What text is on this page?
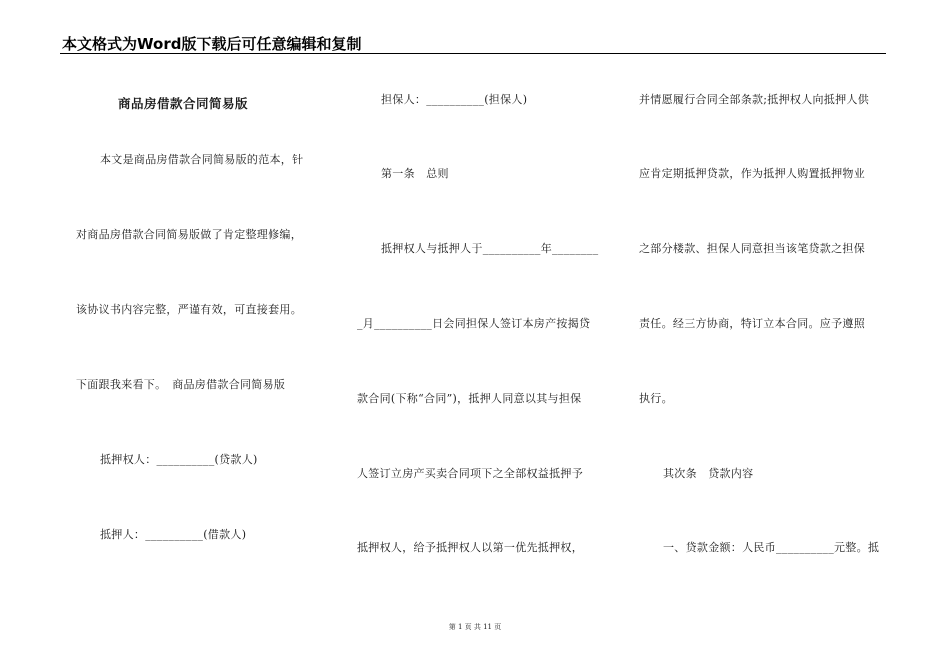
本文格式为Word版下载后可任意编辑和复制
商品房借款合同简易版
本文是商品房借款合同简易版的范本，针
对商品房借款合同简易版做了肯定整理修编，
该协议书内容完整，严谨有效，可直接套用。
下面跟我来看下。　商品房借款合同简易版
抵押权人：__________(贷款人)
抵押人：__________(借款人)
担保人：__________(担保人)
第一条　总则
抵押权人与抵押人于__________年________
_月__________日会同担保人签订本房产按揭贷
款合同(下称“合同”)，抵押人同意以其与担保
人签订立房产买卖合同项下之全部权益抵押予
抵押权人，给予抵押权人以第一优先抵押权，
并情愿履行合同全部条款;抵押权人向抵押人供
应肯定期抵押贷款，作为抵押人购置抵押物业
之部分楼款、担保人同意担当该笔贷款之担保
责任。经三方协商，特订立本合同。应予遵照
执行。
其次条　贷款内容
一、贷款金额：人民币__________元整。抵
第 1 页 共 11 页
